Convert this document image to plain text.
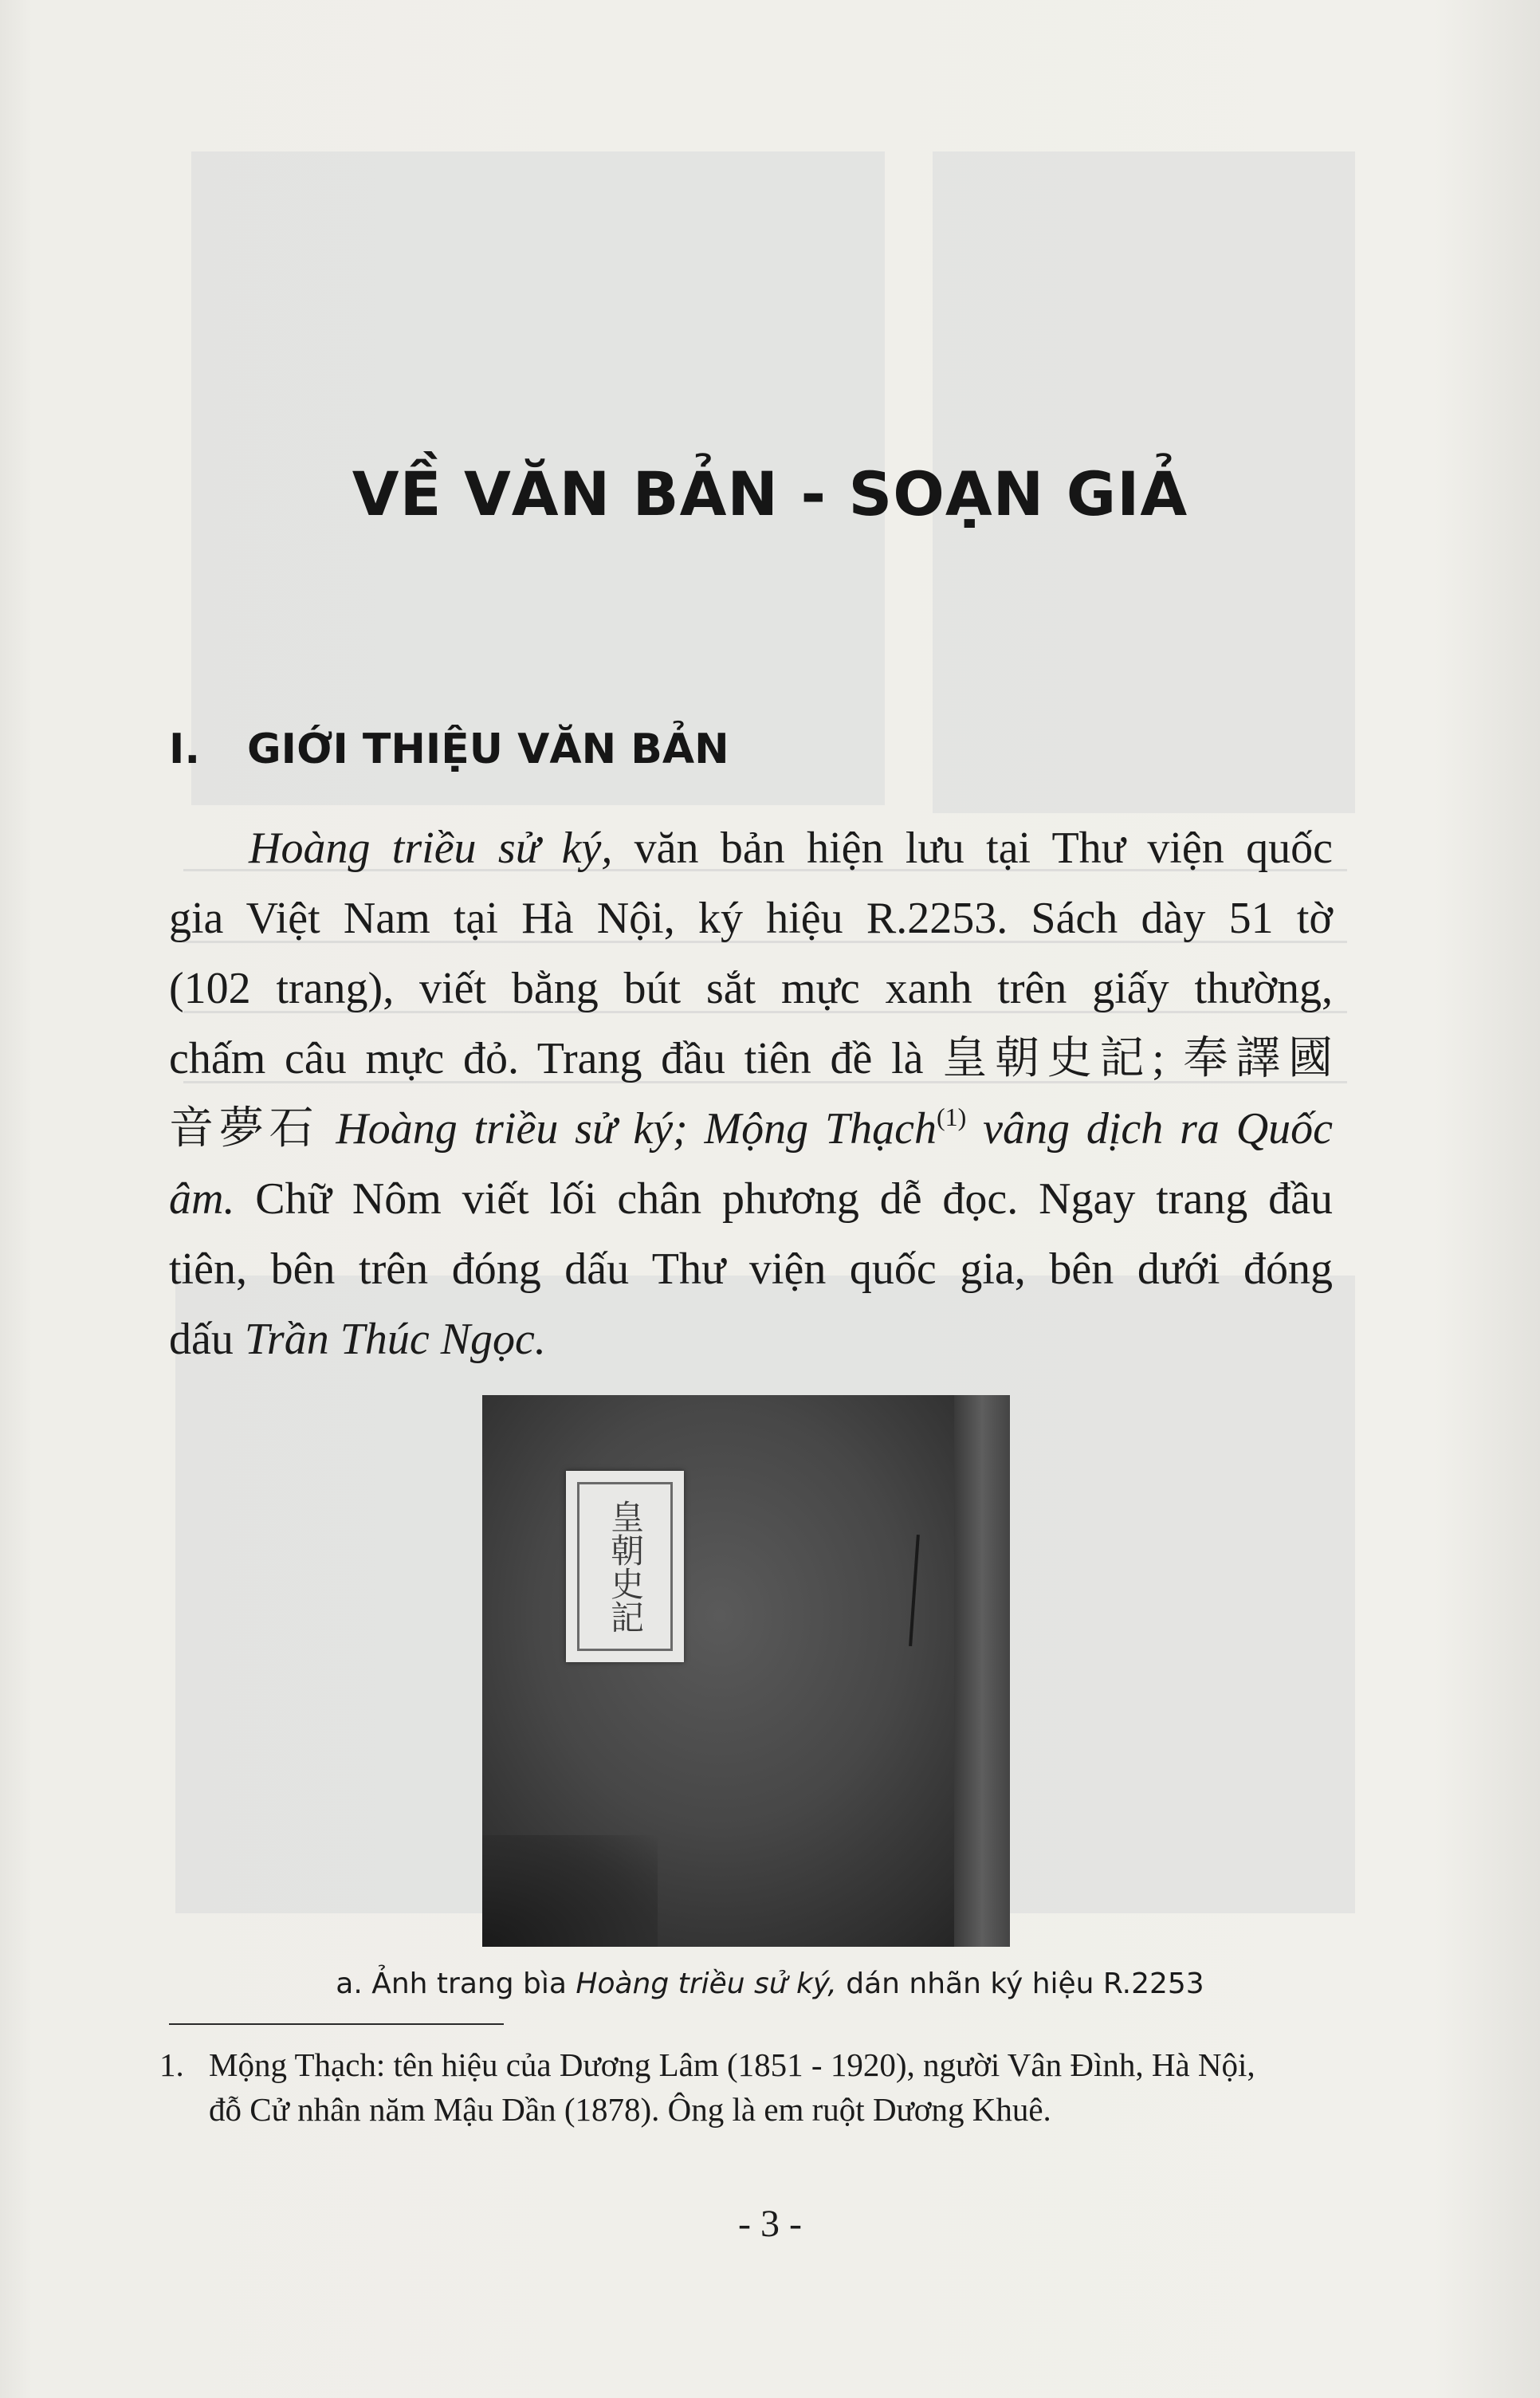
VỀ VĂN BẢN - SOẠN GIẢ
I. GIỚI THIỆU VĂN BẢN
Hoàng triều sử ký, văn bản hiện lưu tại Thư viện quốc
gia Việt Nam tại Hà Nội, ký hiệu R.2253. Sách dày 51 tờ
(102 trang), viết bằng bút sắt mực xanh trên giấy thường,
chấm câu mực đỏ. Trang đầu tiên đề là 皇朝史記; 奉譯國
音夢石 Hoàng triều sử ký; Mộng Thạch$^{(1)}$ vâng dịch ra Quốc
âm. Chữ Nôm viết lối chân phương dễ đọc. Ngay trang đầu
tiên, bên trên đóng dấu Thư viện quốc gia, bên dưới đóng
dấu Trần Thúc Ngọc.
皇朝史記
a. Ảnh trang bìa Hoàng triều sử ký, dán nhãn ký hiệu R.2253
1. Mộng Thạch: tên hiệu của Dương Lâm (1851 - 1920), người Vân Đình, Hà Nội,
đỗ Cử nhân năm Mậu Dần (1878). Ông là em ruột Dương Khuê.
- 3 -
